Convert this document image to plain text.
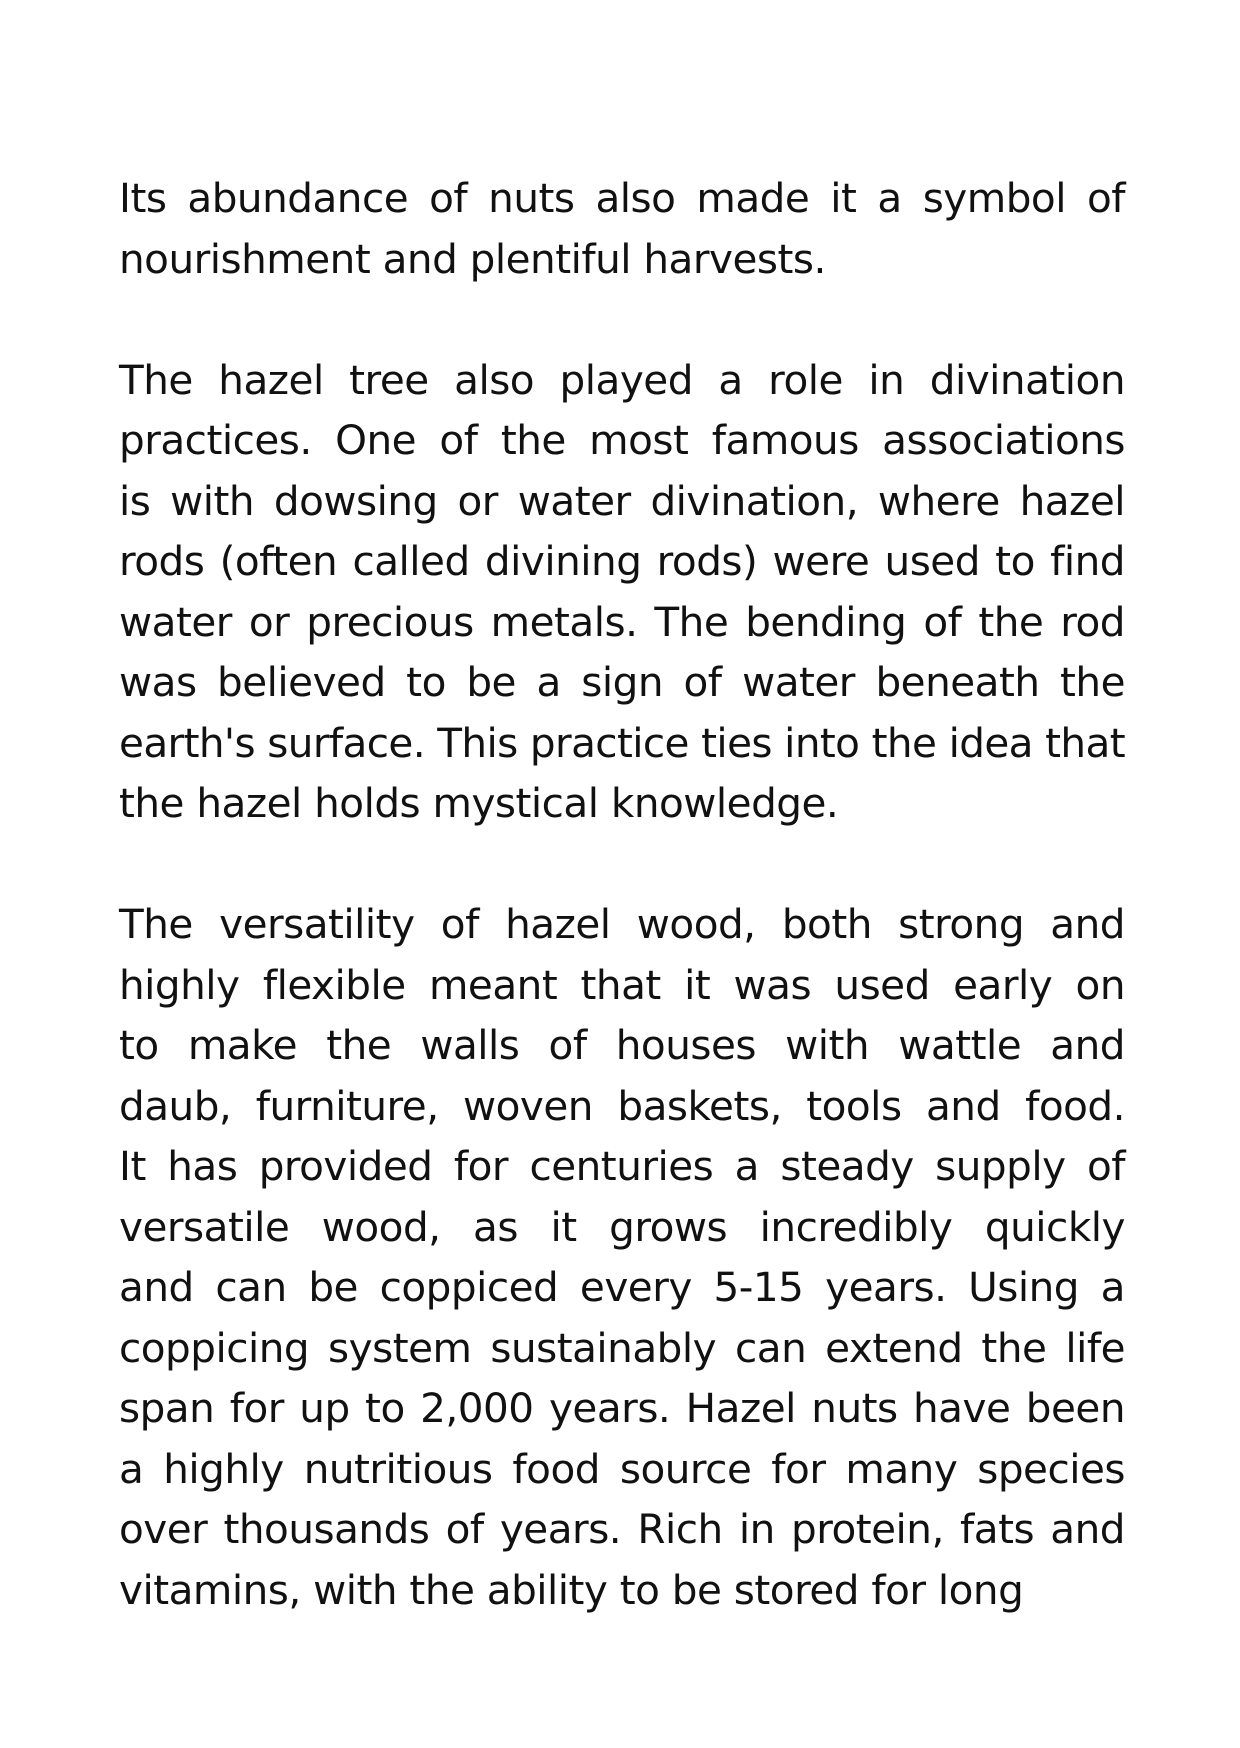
Its abundance of nuts also made it a symbol of
nourishment and plentiful harvests.
The hazel tree also played a role in divination
practices. One of the most famous associations
is with dowsing or water divination, where hazel
rods (often called divining rods) were used to find
water or precious metals. The bending of the rod
was believed to be a sign of water beneath the
earth's surface. This practice ties into the idea that
the hazel holds mystical knowledge.
The versatility of hazel wood, both strong and
highly flexible meant that it was used early on
to make the walls of houses with wattle and
daub, furniture, woven baskets, tools and food.
It has provided for centuries a steady supply of
versatile wood, as it grows incredibly quickly
and can be coppiced every 5-15 years. Using a
coppicing system sustainably can extend the life
span for up to 2,000 years. Hazel nuts have been
a highly nutritious food source for many species
over thousands of years. Rich in protein, fats and
vitamins, with the ability to be stored for long
